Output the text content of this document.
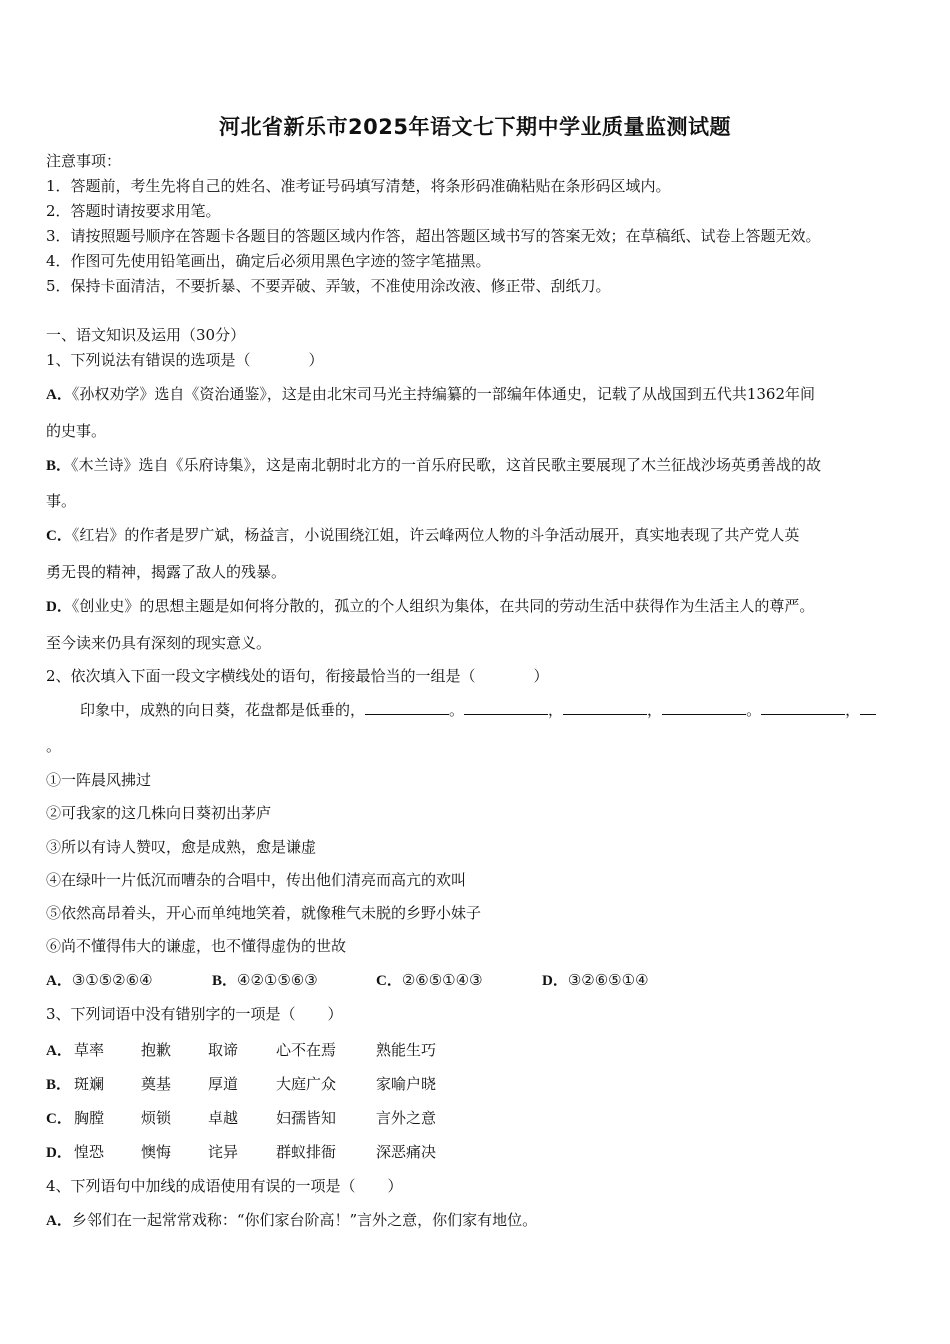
河北省新乐市2025年语文七下期中学业质量监测试题
注意事项：
1．答题前，考生先将自己的姓名、准考证号码填写清楚，将条形码准确粘贴在条形码区域内。
2．答题时请按要求用笔。
3．请按照题号顺序在答题卡各题目的答题区域内作答，超出答题区域书写的答案无效；在草稿纸、试卷上答题无效。
4．作图可先使用铅笔画出，确定后必须用黑色字迹的签字笔描黑。
5．保持卡面清洁，不要折暴、不要弄破、弄皱，不准使用涂改液、修正带、刮纸刀。
一、语文知识及运用（30分）
1、下列说法有错误的选项是（	）
A．《孙权劝学》选自《资治通鉴》，这是由北宋司马光主持编纂的一部编年体通史，记载了从战国到五代共1362年间
的史事。
B．《木兰诗》选自《乐府诗集》，这是南北朝时北方的一首乐府民歌，这首民歌主要展现了木兰征战沙场英勇善战的故
事。
C．《红岩》的作者是罗广斌，杨益言，小说围绕江姐，许云峰两位人物的斗争活动展开，真实地表现了共产党人英
勇无畏的精神，揭露了敌人的残暴。
D．《创业史》的思想主题是如何将分散的，孤立的个人组织为集体，在共同的劳动生活中获得作为生活主人的尊严。
至今读来仍具有深刻的现实意义。
2、依次填入下面一段文字横线处的语句，衔接最恰当的一组是（	）
印象中，成熟的向日葵，花盘都是低垂的，	。	，	，	。	，
。
①一阵晨风拂过
②可我家的这几株向日葵初出茅庐
③所以有诗人赞叹，愈是成熟，愈是谦虚
④在绿叶一片低沉而嘈杂的合唱中，传出他们清亮而高亢的欢叫
⑤依然高昂着头，开心而单纯地笑着，就像稚气未脱的乡野小妹子
⑥尚不懂得伟大的谦虚，也不懂得虚伪的世故
A．③①⑤②⑥④	B．④②①⑤⑥③	C．②⑥⑤①④③	D．③②⑥⑤①④
3、下列词语中没有错别字的一项是（ ）
A． 草率 抱歉 取谛	心不在焉	熟能生巧
B． 斑斓 奠基 厚道	大庭广众	家喻户晓
C． 胸膛 烦锁 卓越	妇孺皆知	言外之意
D． 惶恐 懊悔 诧异	群蚁排衙	深恶痛决
4、下列语句中加线的成语使用有误的一项是（ ）
A．乡邻们在一起常常戏称：“你们家台阶高！”言外之意，你们家有地位。
